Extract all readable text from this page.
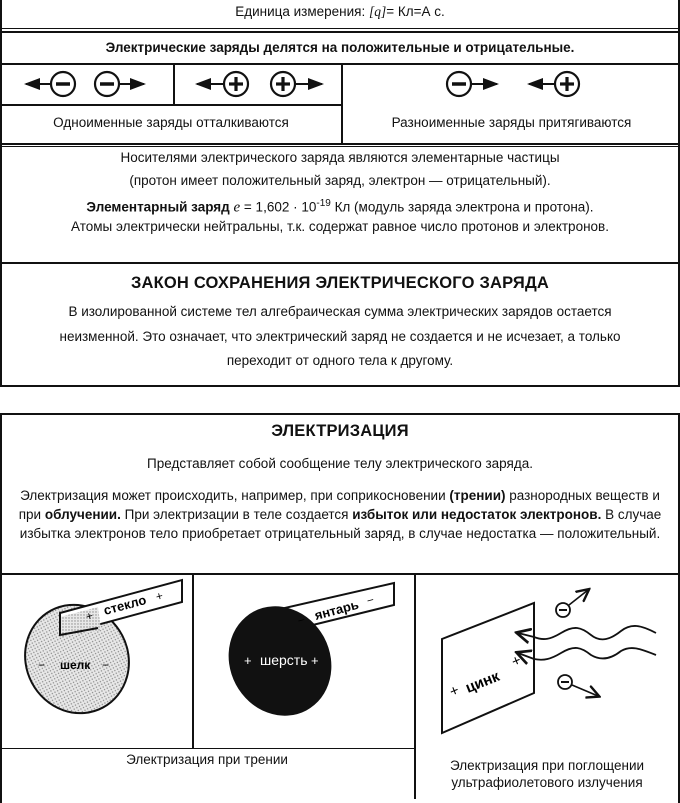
Единица измерения: [q]= Кл=А с.
Электрические заряды делятся на положительные и отрицательные.
Одноименные заряды отталкиваются	Разноименные заряды притягиваются
Носителями электрического заряда являются элементарные частицы
(протон имеет положительный заряд, электрон — отрицательный).
Элементарный заряд $e = 1,602 \cdot 10^{-19}$ Кл (модуль заряда электрона и протона).
Атомы электрически нейтральны, т.к. содержат равное число протонов и электронов.
ЗАКОН СОХРАНЕНИЯ ЭЛЕКТРИЧЕСКОГО ЗАРЯДА
В изолированной системе тел алгебраическая сумма электрических зарядов остается
неизменной. Это означает, что электрический заряд не создается и не исчезает, а только
переходит от одного тела к другому.
ЭЛЕКТРИЗАЦИЯ
Представляет собой сообщение телу электрического заряда.
Электризация может происходить, например, при соприкосновении (трении) разнородных веществ и при облучении. При электризации в теле создается избыток или недостаток электронов. В случае избытка электронов тело приобретает отрицательный заряд, в случае недостатка — положительный.
+ стекло +
− шелк −
− янтарь −
+ шерсть +
+ цинк
+
Электризация при трении	Электризация при поглощении
ультрафиолетового излучения
